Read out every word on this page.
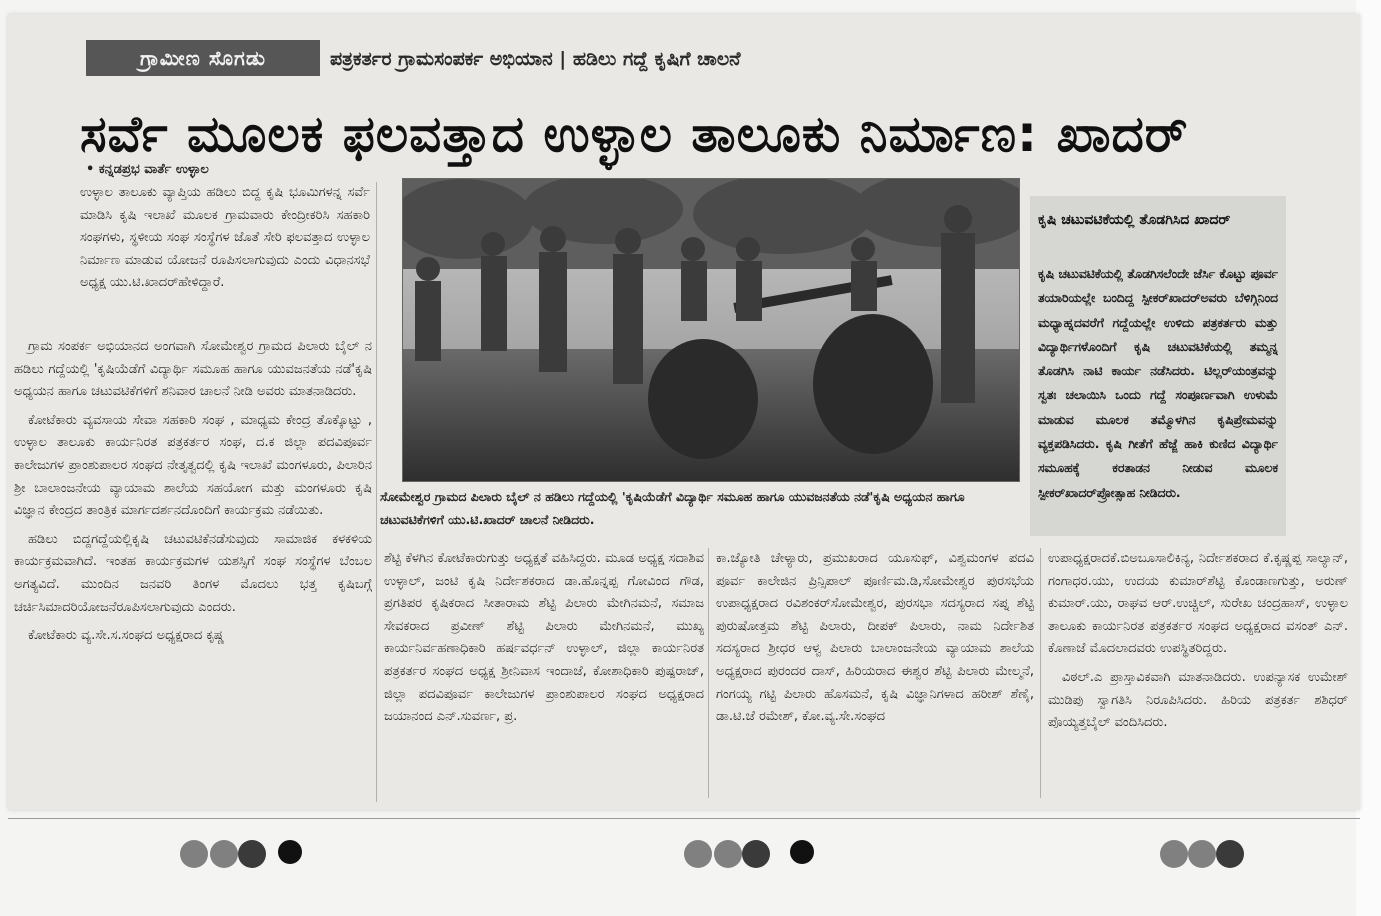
ಗ್ರಾಮೀಣ ಸೊಗಡು	ಪತ್ರಕರ್ತರ ಗ್ರಾಮಸಂಪರ್ಕ ಅಭಿಯಾನ | ಹಡಿಲು ಗದ್ದೆ ಕೃಷಿಗೆ ಚಾಲನೆ
ಸರ್ವೆ ಮೂಲಕ ಫಲವತ್ತಾದ ಉಳ್ಳಾಲ ತಾಲೂಕು ನಿರ್ಮಾಣ: ಖಾದರ್
• ಕನ್ನಡಪ್ರಭ ವಾರ್ತೆ ಉಳ್ಳಾಲ

ಉಳ್ಳಾಲ ತಾಲೂಕು ವ್ಯಾಪ್ತಿಯ ಹಡಿಲು ಬಿದ್ದ ಕೃಷಿ ಭೂಮಿಗಳನ್ನ ಸರ್ವೆ ಮಾಡಿಸಿ ಕೃಷಿ ಇಲಾಖೆ ಮೂಲಕ ಗ್ರಾಮವಾರು ಕೇಂದ್ರೀಕರಿಸಿ ಸಹಕಾರಿ ಸಂಘಗಳು, ಸ್ಥಳೀಯ ಸಂಘ ಸಂಸ್ಥೆಗಳ ಜೊತೆ ಸೇರಿ ಫಲವತ್ತಾದ ಉಳ್ಳಾಲ ನಿರ್ಮಾಣ ಮಾಡುವ ಯೋಜನೆ ರೂಪಿಸಲಾಗುವುದು ಎಂದು ವಿಧಾನಸಭೆ ಅಧ್ಯಕ್ಷ ಯು.ಟಿ.ಖಾದರ್‌ಹೇಳಿದ್ದಾರೆ.

ಗ್ರಾಮ ಸಂಪರ್ಕ ಅಭಿಯಾನದ ಅಂಗವಾಗಿ ಸೋಮೇಶ್ವರ ಗ್ರಾಮದ ಪಿಲಾರು ಬೈಲ್ ನ ಹಡಿಲು ಗದ್ದೆಯಲ್ಲಿ 'ಕೃಷಿಯೆಡೆಗೆ ವಿದ್ಯಾರ್ಥಿ ಸಮೂಹ ಹಾಗೂ ಯುವಜನತೆಯ ನಡೆ'ಕೃಷಿ ಅಧ್ಯಯನ ಹಾಗೂ ಚಟುವಟಿಕೆಗಳಿಗೆ ಶನಿವಾರ ಚಾಲನೆ ನೀಡಿ ಅವರು ಮಾತನಾಡಿದರು.

ಕೋಟೆಕಾರು ವ್ಯವಸಾಯ ಸೇವಾ ಸಹಕಾರಿ ಸಂಘ , ಮಾಧ್ಯಮ ಕೇಂದ್ರ ತೊಕ್ಕೊಟ್ಟು , ಉಳ್ಳಾಲ ತಾಲೂಕು ಕಾರ್ಯನಿರತ ಪತ್ರಕರ್ತರ ಸಂಘ, ದ.ಕ ಜಿಲ್ಲಾ ಪದವಿಪೂರ್ವ ಕಾಲೇಜುಗಳ ಪ್ರಾಂಶುಪಾಲರ ಸಂಘದ ನೇತೃತ್ವದಲ್ಲಿ ಕೃಷಿ ಇಲಾಖೆ ಮಂಗಳೂರು, ಪಿಲಾರಿನ ಶ್ರೀ ಬಾಲಾಂಜನೇಯ ವ್ಯಾಯಾಮ ಶಾಲೆಯ ಸಹಯೋಗ ಮತ್ತು ಮಂಗಳೂರು ಕೃಷಿ ವಿಜ್ಞಾನ ಕೇಂದ್ರದ ತಾಂತ್ರಿಕ ಮಾರ್ಗದರ್ಶನದೊಂದಿಗೆ ಕಾರ್ಯಕ್ರಮ ನಡೆಯಿತು.

ಹಡಿಲು ಬಿದ್ದಗದ್ದೆಯಲ್ಲಿಕೃಷಿ ಚಟುವಟಿಕೆನಡೆಸುವುದು ಸಾಮಾಜಿಕ ಕಳಕಳಿಯ ಕಾರ್ಯಕ್ರಮವಾಗಿದೆ. ಇಂತಹ ಕಾರ್ಯಕ್ರಮಗಳ ಯಶಸ್ಸಿಗೆ ಸಂಘ ಸಂಸ್ಥೆಗಳ ಬೆಂಬಲ ಅಗತ್ಯವಿದೆ. ಮುಂದಿನ ಜನವರಿ ತಿಂಗಳ ಮೊದಲು ಭತ್ತ ಕೃಷಿಬಗ್ಗೆ ಚರ್ಚಿಸಿಮಾದರಿಯೋಜನೆರೂಪಿಸಲಾಗುವುದು ಎಂದರು.

ಕೋಟೆಕಾರು ವ್ಯ.ಸೇ.ಸ.ಸಂಘದ ಅಧ್ಯಕ್ಷರಾದ ಕೃಷ್ಣ

ಸೋಮೇಶ್ವರ ಗ್ರಾಮದ ಪಿಲಾರು ಬೈಲ್ ನ ಹಡಿಲು ಗದ್ದೆಯಲ್ಲಿ 'ಕೃಷಿಯೆಡೆಗೆ ವಿದ್ಯಾರ್ಥಿ ಸಮೂಹ ಹಾಗೂ ಯುವಜನತೆಯ ನಡೆ'ಕೃಷಿ ಅಧ್ಯಯನ ಹಾಗೂ ಚಟುವಟಿಕೆಗಳಿಗೆ ಯು.ಟಿ.ಖಾದರ್ ಚಾಲನೆ ನೀಡಿದರು.
ಕೃಷಿ ಚಟುವಟಿಕೆಯಲ್ಲಿ ತೊಡಗಿಸಿದ ಖಾದರ್
ಕೃಷಿ ಚಟುವಟಿಕೆಯಲ್ಲಿ ತೊಡಗಿಸಲೆಂದೇ ಜೆರ್ಸಿ ಕೊಟ್ಟು ಪೂರ್ವ ತಯಾರಿಯಲ್ಲೇ ಬಂದಿದ್ದ ಸ್ಪೀಕರ್‌ಖಾದರ್‌ಅವರು ಬೆಳಿಗ್ಗಿನಿಂದ ಮಧ್ಯಾಹ್ನದವರೆಗೆ ಗದ್ದೆಯಲ್ಲೇ ಉಳಿದು ಪತ್ರಕರ್ತರು ಮತ್ತು ವಿದ್ಯಾರ್ಥಿಗಳೊಂದಿಗೆ ಕೃಷಿ ಚಟುವಟಿಕೆಯಲ್ಲಿ ತಮ್ಮನ್ನ ತೊಡಗಿಸಿ ನಾಟಿ ಕಾರ್ಯ ನಡೆಸಿದರು. ಟಿಲ್ಲರ್‌ಯಂತ್ರವನ್ನು ಸ್ವತಃ ಚಲಾಯಿಸಿ ಒಂದು ಗದ್ದೆ ಸಂಪೂರ್ಣವಾಗಿ ಉಳುಮೆ ಮಾಡುವ ಮೂಲಕ ತಮ್ಮೊಳಗಿನ ಕೃಷಿಪ್ರೇಮವನ್ನು ವ್ಯಕ್ತಪಡಿಸಿದರು. ಕೃಷಿ ಗೀತೆಗೆ ಹೆಜ್ಜೆ ಹಾಕಿ ಕುಣಿದ ವಿದ್ಯಾರ್ಥಿ ಸಮೂಹಕ್ಕೆ ಕರತಾಡನ ನೀಡುವ ಮೂಲಕ ಸ್ಪೀಕರ್‌ಖಾದರ್‌ಪ್ರೋತ್ಸಾಹ ನೀಡಿದರು.

ಶೆಟ್ಟಿ ಕೆಳಗಿನ ಕೋಟೆಕಾರುಗುತ್ತು ಅಧ್ಯಕ್ಷತೆ ವಹಿಸಿದ್ದರು. ಮೂಡ ಅಧ್ಯಕ್ಷ ಸದಾಶಿವ ಉಳ್ಳಾಲ್, ಜಂಟಿ ಕೃಷಿ ನಿರ್ದೇಶಕರಾದ ಡಾ.ಹೊನ್ನಪ್ಪ ಗೋವಿಂದ ಗೌಡ, ಪ್ರಗತಿಪರ ಕೃಷಿಕರಾದ ಸೀತಾರಾಮ ಶೆಟ್ಟಿ ಪಿಲಾರು ಮೇಗಿನಮನೆ, ಸಮಾಜ ಸೇವಕರಾದ ಪ್ರವೀಣ್ ಶೆಟ್ಟಿ ಪಿಲಾರು ಮೇಗಿನಮನೆ, ಮುಖ್ಯ ಕಾರ್ಯನಿರ್ವಹಣಾಧಿಕಾರಿ ಹರ್ಷವರ್ಧನ್ ಉಳ್ಳಾಲ್, ಜಿಲ್ಲಾ ಕಾರ್ಯನಿರತ ಪತ್ರಕರ್ತರ ಸಂಘದ ಅಧ್ಯಕ್ಷ ಶ್ರೀನಿವಾಸ ಇಂದಾಜೆ, ಕೋಶಾಧಿಕಾರಿ ಪುಷ್ಪರಾಜ್, ಜಿಲ್ಲಾ ಪದವಿಪೂರ್ವ ಕಾಲೇಜುಗಳ ಪ್ರಾಂಶುಪಾಲರ ಸಂಘದ ಅಧ್ಯಕ್ಷರಾದ ಜಯಾನಂದ ಎನ್.ಸುವರ್ಣ, ಪ್ರ.

ಕಾ.ಜ್ಯೋತಿ ಚೇಳ್ಯಾರು, ಪ್ರಮುಖರಾದ ಯೂಸುಫ್, ವಿಶ್ವಮಂಗಳ ಪದವಿ ಪೂರ್ವ ಕಾಲೇಜಿನ ಪ್ರಿನ್ಸಿಪಾಲ್ ಪೂರ್ಣಿಮ.ಡಿ,ಸೋಮೇಶ್ವರ ಪುರಸಭೆಯ ಉಪಾಧ್ಯಕ್ಷರಾದ ರವಿಶಂಕರ್‌ಸೋಮೇಶ್ವರ, ಪುರಸಭಾ ಸದಸ್ಯರಾದ ಸಪ್ನ ಶೆಟ್ಟಿ ಪುರುಷೋತ್ತಮ ಶೆಟ್ಟಿ ಪಿಲಾರು, ದೀಪಕ್ ಪಿಲಾರು, ನಾಮ ನಿರ್ದೇಶಿತ ಸದಸ್ಯರಾದ ಶ್ರೀಧರ ಆಳ್ವ ಪಿಲಾರು ಬಾಲಾಂಜನೇಯ ವ್ಯಾಯಾಮ ಶಾಲೆಯ ಅಧ್ಯಕ್ಷರಾದ ಪುರಂದರ ದಾಸ್, ಹಿರಿಯರಾದ ಈಶ್ವರ ಶೆಟ್ಟಿ ಪಿಲಾರು ಮೇಲ್ಮನೆ, ಗಂಗಯ್ಯ ಗಟ್ಟಿ ಪಿಲಾರು ಹೊಸಮನೆ, ಕೃಷಿ ವಿಜ್ಞಾನಿಗಳಾದ ಹರೀಶ್ ಶೆಣೈ, ಡಾ.ಟಿ.ಜೆ ರಮೇಶ್, ಕೋ.ವ್ಯ.ಸೇ.ಸಂಘದ

ಉಪಾಧ್ಯಕ್ಷರಾದಕೆ.ಬಿಅಬೂಸಾಲಿಕಿನ್ಯ, ನಿರ್ದೇಶಕರಾದ ಕೆ.ಕೃಷ್ಣಪ್ಪ ಸಾಲ್ಯಾನ್, ಗಂಗಾಧರ.ಯು, ಉದಯ ಕುಮಾರ್‌ಶೆಟ್ಟಿ ಕೊಂಡಾಣಗುತ್ತು, ಅರುಣ್ ಕುಮಾರ್.ಯು, ರಾಘವ ಆರ್.ಉಚ್ಚಿಲ್, ಸುರೇಖ ಚಂದ್ರಹಾಸ್, ಉಳ್ಳಾಲ ತಾಲೂಕು ಕಾರ್ಯನಿರತ ಪತ್ರಕರ್ತರ ಸಂಘದ ಅಧ್ಯಕ್ಷರಾದ ವಸಂತ್ ಎನ್. ಕೊಣಾಜೆ ಮೊದಲಾದವರು ಉಪಸ್ಥಿತರಿದ್ದರು.

ವಿಠಲ್.ಎ ಪ್ರಾಸ್ತಾವಿಕವಾಗಿ ಮಾತನಾಡಿದರು. ಉಪನ್ಯಾಸಕ ಉಮೇಶ್ ಮುಡಿಪು ಸ್ವಾಗತಿಸಿ ನಿರೂಪಿಸಿದರು. ಹಿರಿಯ ಪತ್ರಕರ್ತ ಶಶಿಧರ್ ಪೊಯ್ಯತ್ತಬೈಲ್ ವಂದಿಸಿದರು.
